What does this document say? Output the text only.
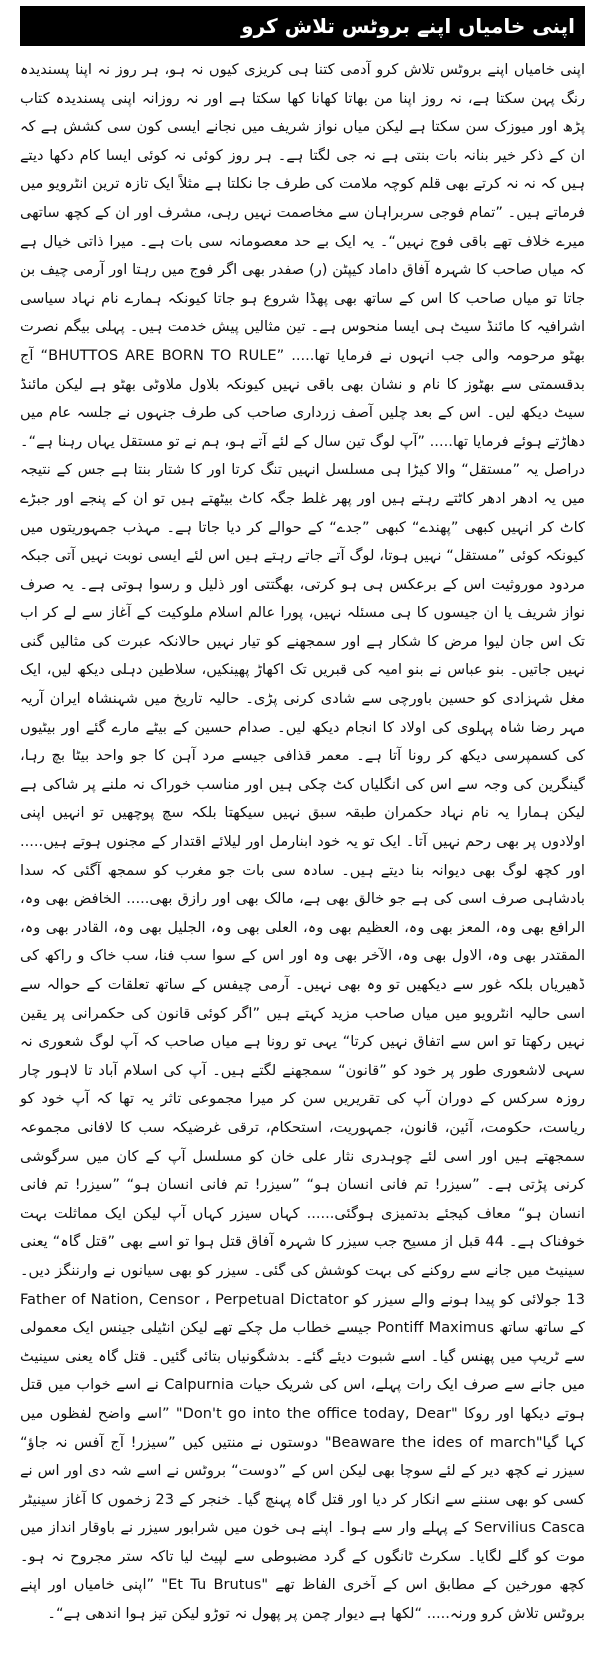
اپنی خامیاں اپنے بروٹس تلاش کرو

اپنی خامیاں اپنے بروٹس تلاش کرو آدمی کتنا ہی کریزی کیوں نہ ہو، ہر روز نہ اپنا پسندیدہ رنگ پہن سکتا ہے، نہ روز اپنا من بھاتا کھانا کھا سکتا ہے اور نہ روزانہ اپنی پسندیدہ کتاب پڑھ اور میوزک سن سکتا ہے لیکن میاں نواز شریف میں نجانے ایسی کون سی کشش ہے کہ ان کے ذکر خیر بنانہ بات بنتی ہے نہ جی لگتا ہے۔ ہر روز کوئی نہ کوئی ایسا کام دکھا دیتے ہیں کہ نہ نہ کرتے بھی قلم کوچہ ملامت کی طرف جا نکلتا ہے مثلاً ایک تازہ ترین انٹرویو میں فرماتے ہیں۔ ”تمام فوجی سربراہان سے مخاصمت نہیں رہی، مشرف اور ان کے کچھ ساتھی میرے خلاف تھے باقی فوج نہیں“۔ یہ ایک بے حد معصومانہ سی بات ہے۔ میرا ذاتی خیال ہے کہ میاں صاحب کا شہرہ آفاق داماد کیپٹن (ر) صفدر بھی اگر فوج میں رہتا اور آرمی چیف بن جاتا تو میاں صاحب کا اس کے ساتھ بھی پھڈا شروع ہو جاتا کیونکہ ہمارے نام نہاد سیاسی اشرافیہ کا مائنڈ سیٹ ہی ایسا منحوس ہے۔ تین مثالیں پیش خدمت ہیں۔ پہلی بیگم نصرت بھٹو مرحومہ والی جب انہوں نے فرمایا تھا..... ”BHUTTOS ARE BORN TO RULE“ آج بدقسمتی سے بھٹوز کا نام و نشان بھی باقی نہیں کیونکہ بلاول ملاوٹی بھٹو ہے لیکن مائنڈ سیٹ دیکھ لیں۔ اس کے بعد چلیں آصف زرداری صاحب کی طرف جنہوں نے جلسہ عام میں دھاڑتے ہوئے فرمایا تھا..... ”آپ لوگ تین سال کے لئے آتے ہو، ہم نے تو مستقل یہاں رہنا ہے“۔ دراصل یہ ”مستقل“ والا کیڑا ہی مسلسل انہیں تنگ کرتا اور کا شتار بنتا ہے جس کے نتیجہ میں یہ ادھر ادھر کاٹتے رہتے ہیں اور پھر غلط جگہ کاٹ بیٹھتے ہیں تو ان کے پنجے اور جبڑے کاٹ کر انہیں کبھی ”پھندے“ کبھی ”جدے“ کے حوالے کر دیا جاتا ہے۔ مہذب جمہوریتوں میں کیونکہ کوئی ”مستقل“ نہیں ہوتا، لوگ آتے جاتے رہتے ہیں اس لئے ایسی نوبت نہیں آتی جبکہ مردود موروثیت اس کے برعکس ہی ہو کرتی، بھگتتی اور ذلیل و رسوا ہوتی ہے۔ یہ صرف نواز شریف یا ان جیسوں کا ہی مسئلہ نہیں، پورا عالم اسلام ملوکیت کے آغاز سے لے کر اب تک اس جان لیوا مرض کا شکار ہے اور سمجھنے کو تیار نہیں حالانکہ عبرت کی مثالیں گنی نہیں جاتیں۔ بنو عباس نے بنو امیہ کی قبریں تک اکھاڑ پھینکیں، سلاطین دہلی دیکھ لیں، ایک مغل شہزادی کو حسین باورچی سے شادی کرنی پڑی۔ حالیہ تاریخ میں شہنشاہ ایران آریہ مہر رضا شاہ پہلوی کی اولاد کا انجام دیکھ لیں۔ صدام حسین کے بیٹے مارے گئے اور بیٹیوں کی کسمپرسی دیکھ کر رونا آتا ہے۔ معمر قذافی جیسے مرد آہن کا جو واحد بیٹا بچ رہا، گینگرین کی وجہ سے اس کی انگلیاں کٹ چکی ہیں اور مناسب خوراک نہ ملنے پر شاکی ہے لیکن ہمارا یہ نام نہاد حکمران طبقہ سبق نہیں سیکھتا بلکہ سچ پوچھیں تو انہیں اپنی اولادوں پر بھی رحم نہیں آتا۔ ایک تو یہ خود ابنارمل اور لیلائے اقتدار کے مجنوں ہوتے ہیں..... اور کچھ لوگ بھی دیوانہ بنا دیتے ہیں۔ سادہ سی بات جو مغرب کو سمجھ آگئی کہ سدا بادشاہی صرف اسی کی ہے جو خالق بھی ہے، مالک بھی اور رازق بھی..... الخافض بھی وہ، الرافع بھی وہ، المعز بھی وہ، العظیم بھی وہ، العلی بھی وہ، الجلیل بھی وہ، القادر بھی وہ، المقتدر بھی وہ، الاول بھی وہ، الآخر بھی وہ اور اس کے سوا سب فنا، سب خاک و راکھ کی ڈھیریاں بلکہ غور سے دیکھیں تو وہ بھی نہیں۔ آرمی چیفس کے ساتھ تعلقات کے حوالہ سے اسی حالیہ انٹرویو میں میاں صاحب مزید کہتے ہیں ”اگر کوئی قانون کی حکمرانی پر یقین نہیں رکھتا تو اس سے اتفاق نہیں کرتا“ یہی تو رونا ہے میاں صاحب کہ آپ لوگ شعوری نہ سہی لاشعوری طور پر خود کو ”قانون“ سمجھنے لگتے ہیں۔ آپ کی اسلام آباد تا لاہور چار روزہ سرکس کے دوران آپ کی تقریریں سن کر میرا مجموعی تاثر یہ تھا کہ آپ خود کو ریاست، حکومت، آئین، قانون، جمہوریت، استحکام، ترقی غرضیکہ سب کا لافانی مجموعہ سمجھتے ہیں اور اسی لئے چوہدری نثار علی خان کو مسلسل آپ کے کان میں سرگوشی کرنی پڑتی ہے۔ ”سیزر! تم فانی انسان ہو“ ”سیزر! تم فانی انسان ہو“ ”سیزر! تم فانی انسان ہو“ معاف کیجئے بدتمیزی ہوگئی...... کہاں سیزر کہاں آپ لیکن ایک مماثلت بہت خوفناک ہے۔ 44 قبل از مسیح جب سیزر کا شہرہ آفاق قتل ہوا تو اسے بھی ”قتل گاہ“ یعنی سینیٹ میں جانے سے روکنے کی بہت کوشش کی گئی۔ سیزر کو بھی سیانوں نے وارننگز دیں۔ 13 جولائی کو پیدا ہونے والے سیزر کو Father of Nation, Censor ، Perpetual Dictator کے ساتھ ساتھ Pontiff Maximus جیسے خطاب مل چکے تھے لیکن انٹیلی جینس ایک معمولی سے ٹریپ میں پھنس گیا۔ اسے شبوت دیئے گئے۔ بدشگونیاں بتائی گئیں۔ قتل گاہ یعنی سینیٹ میں جانے سے صرف ایک رات پہلے، اس کی شریک حیات Calpurnia نے اسے خواب میں قتل ہوتے دیکھا اور روکا "Don't go into the office today, Dear" ”اسے واضح لفظوں میں کہا گیا"Beaware the ides of march" دوستوں نے منتیں کیں ”سیزر! آج آفس نہ جاؤ“ سیزر نے کچھ دیر کے لئے سوچا بھی لیکن اس کے ”دوست“ بروٹس نے اسے شہ دی اور اس نے کسی کو بھی سننے سے انکار کر دیا اور قتل گاہ پہنچ گیا۔ خنجر کے 23 زخموں کا آغاز سینیٹر Servilius Casca کے پہلے وار سے ہوا۔ اپنے ہی خون میں شرابور سیزر نے باوقار انداز میں موت کو گلے لگایا۔ سکرٹ ٹانگوں کے گرد مضبوطی سے لپیٹ لیا تاکہ ستر مجروح نہ ہو۔ کچھ مورخین کے مطابق اس کے آخری الفاظ تھے "Et Tu Brutus" ”اپنی خامیاں اور اپنے بروٹس تلاش کرو ورنہ..... “لکھا ہے دیوار چمن پر پھول نہ توڑو لیکن تیز ہوا اندھی ہے“۔
